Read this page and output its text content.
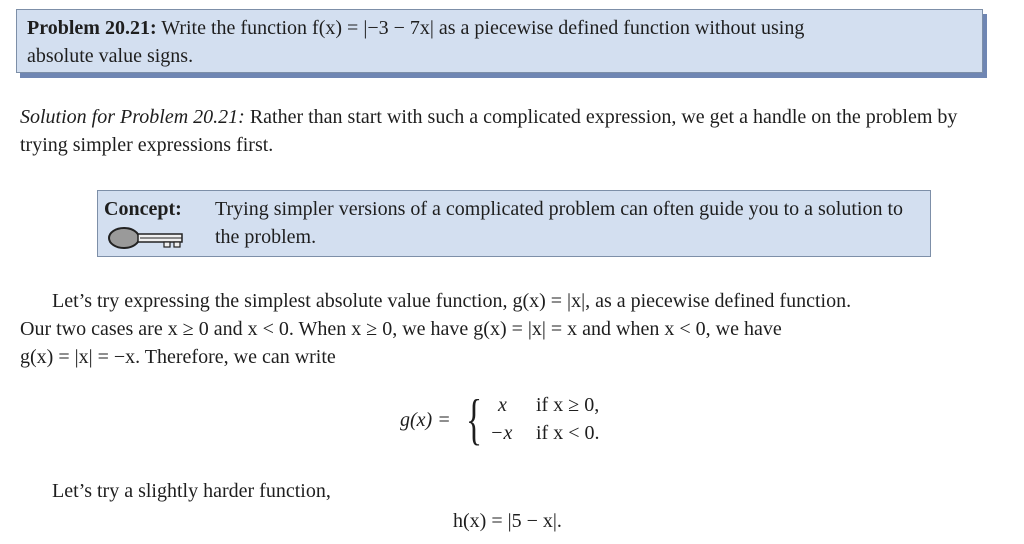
Problem 20.21: Write the function f(x) = |−3 − 7x| as a piecewise defined function without using
absolute value signs.
Solution for Problem 20.21: Rather than start with such a complicated expression, we get a handle on the problem by trying simpler expressions first.
Concept: Trying simpler versions of a complicated problem can often guide you to a solution to the problem.
Let’s try expressing the simplest absolute value function, g(x) = |x|, as a piecewise defined function.
Our two cases are x ≥ 0 and x < 0. When x ≥ 0, we have g(x) = |x| = x and when x < 0, we have
g(x) = |x| = −x. Therefore, we can write
g(x) = { x if x ≥ 0,
−x if x < 0.
Let’s try a slightly harder function,
h(x) = |5 − x|.
